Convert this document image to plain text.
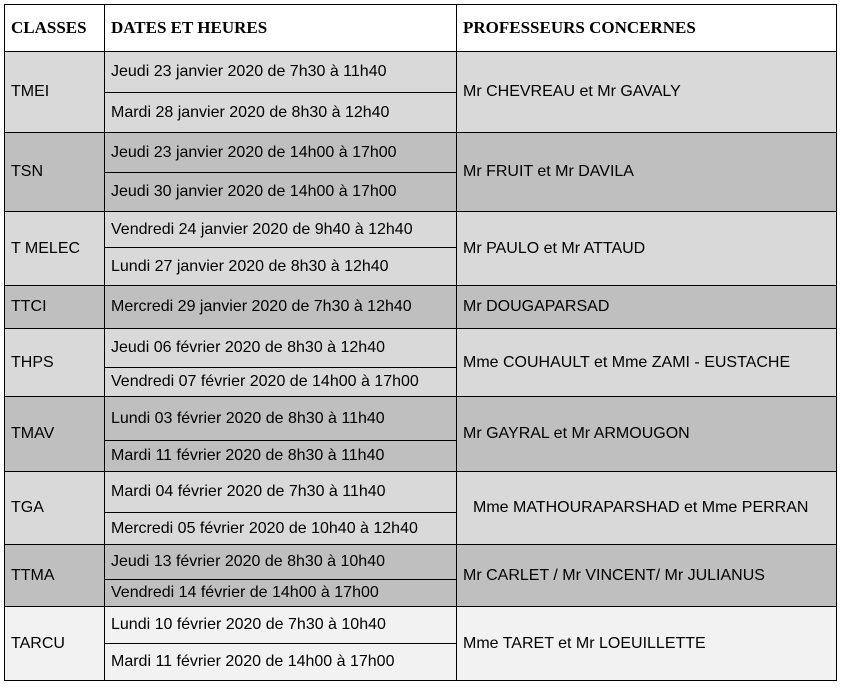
CLASSES	DATES ET HEURES	PROFESSEURS CONCERNES
TMEI	Jeudi 23 janvier 2020 de 7h30 à 11h40	Mr CHEVREAU et Mr GAVALY
	Mardi 28 janvier 2020 de 8h30 à 12h40	
TSN	Jeudi 23 janvier 2020 de 14h00 à 17h00	Mr FRUIT et Mr DAVILA
	Jeudi 30 janvier 2020 de 14h00 à 17h00	
T MELEC	Vendredi 24 janvier 2020 de 9h40 à 12h40	Mr PAULO et Mr ATTAUD
	Lundi 27 janvier 2020 de 8h30 à 12h40	
TTCI	Mercredi 29 janvier 2020 de 7h30 à 12h40	Mr DOUGAPARSAD
THPS	Jeudi 06 février 2020 de 8h30 à 12h40	Mme COUHAULT et Mme ZAMI - EUSTACHE
	Vendredi 07 février 2020 de 14h00 à 17h00	
TMAV	Lundi 03 février 2020 de 8h30 à 11h40	Mr GAYRAL et Mr ARMOUGON
	Mardi 11 février 2020 de 8h30 à 11h40	
TGA	Mardi 04 février 2020 de 7h30 à 11h40	Mme MATHOURAPARSHAD et Mme PERRAN
	Mercredi 05 février 2020 de 10h40 à 12h40	
TTMA	Jeudi 13 février 2020 de 8h30 à 10h40	Mr CARLET / Mr VINCENT/ Mr JULIANUS
	Vendredi 14 février de 14h00 à 17h00	
TARCU	Lundi 10 février 2020 de 7h30 à 10h40	Mme TARET et Mr LOEUILLETTE
	Mardi 11 février 2020 de 14h00 à 17h00	
